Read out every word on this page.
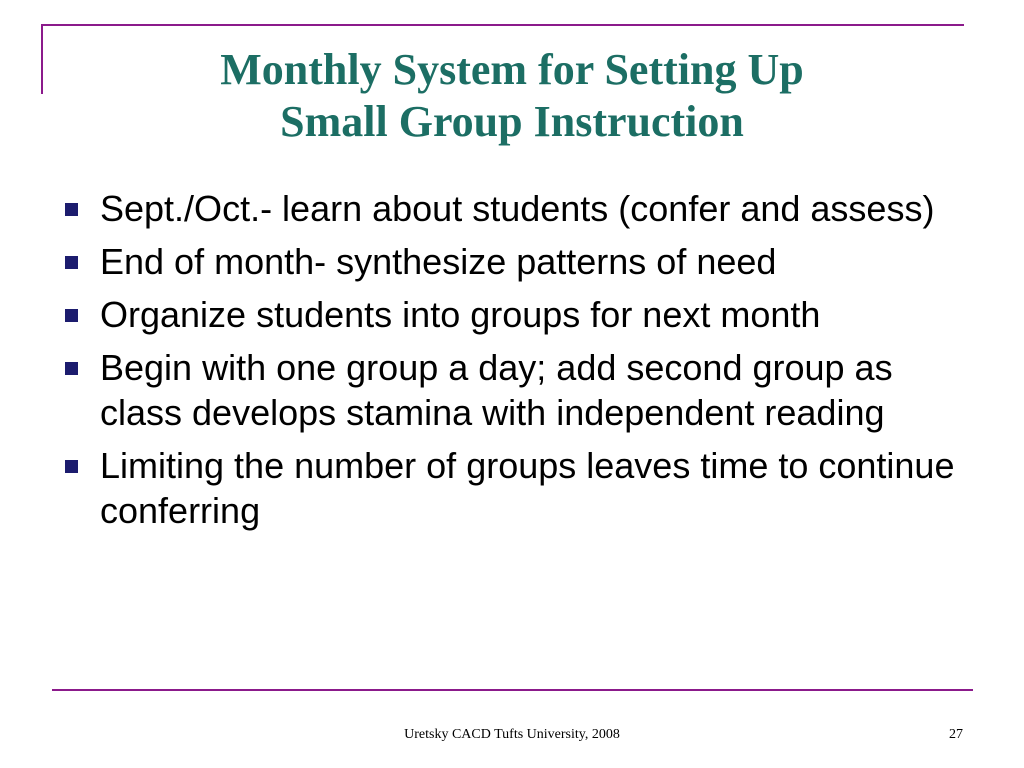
Monthly System for Setting Up
Small Group Instruction
Sept./Oct.- learn about students (confer and assess)
End of month- synthesize patterns of need
Organize students into groups for next month
Begin with one group a day; add second group as class develops stamina with independent reading
Limiting the number of groups leaves time to continue conferring
Uretsky CACD Tufts University, 2008	27
